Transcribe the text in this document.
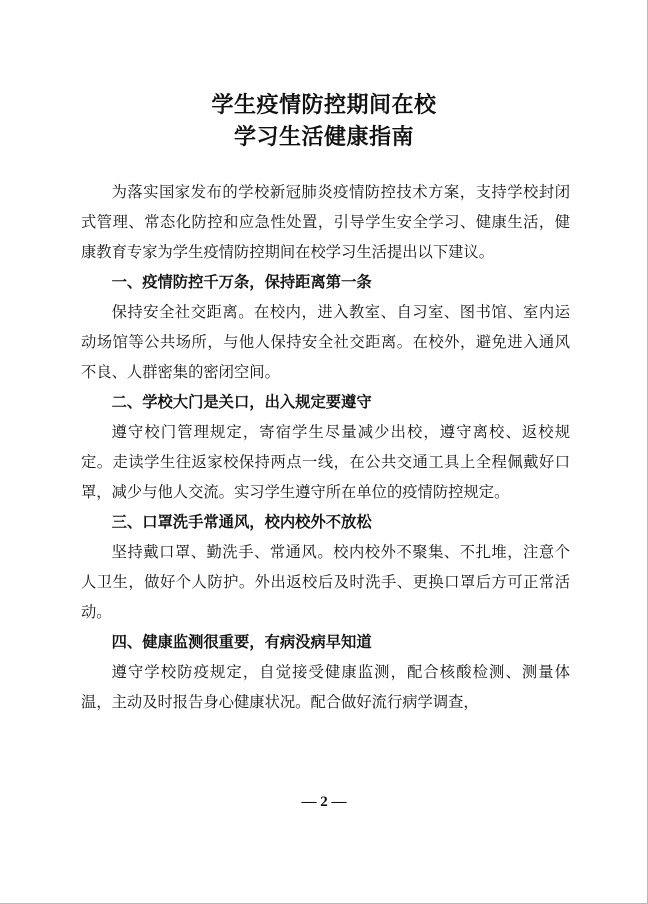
学生疫情防控期间在校
学习生活健康指南

为落实国家发布的学校新冠肺炎疫情防控技术方案，支持学校封闭式管理、常态化防控和应急性处置，引导学生安全学习、健康生活，健康教育专家为学生疫情防控期间在校学习生活提出以下建议。

一、疫情防控千万条，保持距离第一条

保持安全社交距离。在校内，进入教室、自习室、图书馆、室内运动场馆等公共场所，与他人保持安全社交距离。在校外，避免进入通风不良、人群密集的密闭空间。

二、学校大门是关口，出入规定要遵守

遵守校门管理规定，寄宿学生尽量减少出校，遵守离校、返校规定。走读学生往返家校保持两点一线，在公共交通工具上全程佩戴好口罩，减少与他人交流。实习学生遵守所在单位的疫情防控规定。

三、口罩洗手常通风，校内校外不放松

坚持戴口罩、勤洗手、常通风。校内校外不聚集、不扎堆，注意个人卫生，做好个人防护。外出返校后及时洗手、更换口罩后方可正常活动。

四、健康监测很重要，有病没病早知道

遵守学校防疫规定，自觉接受健康监测，配合核酸检测、测量体温，主动及时报告身心健康状况。配合做好流行病学调查，

— 2 —
